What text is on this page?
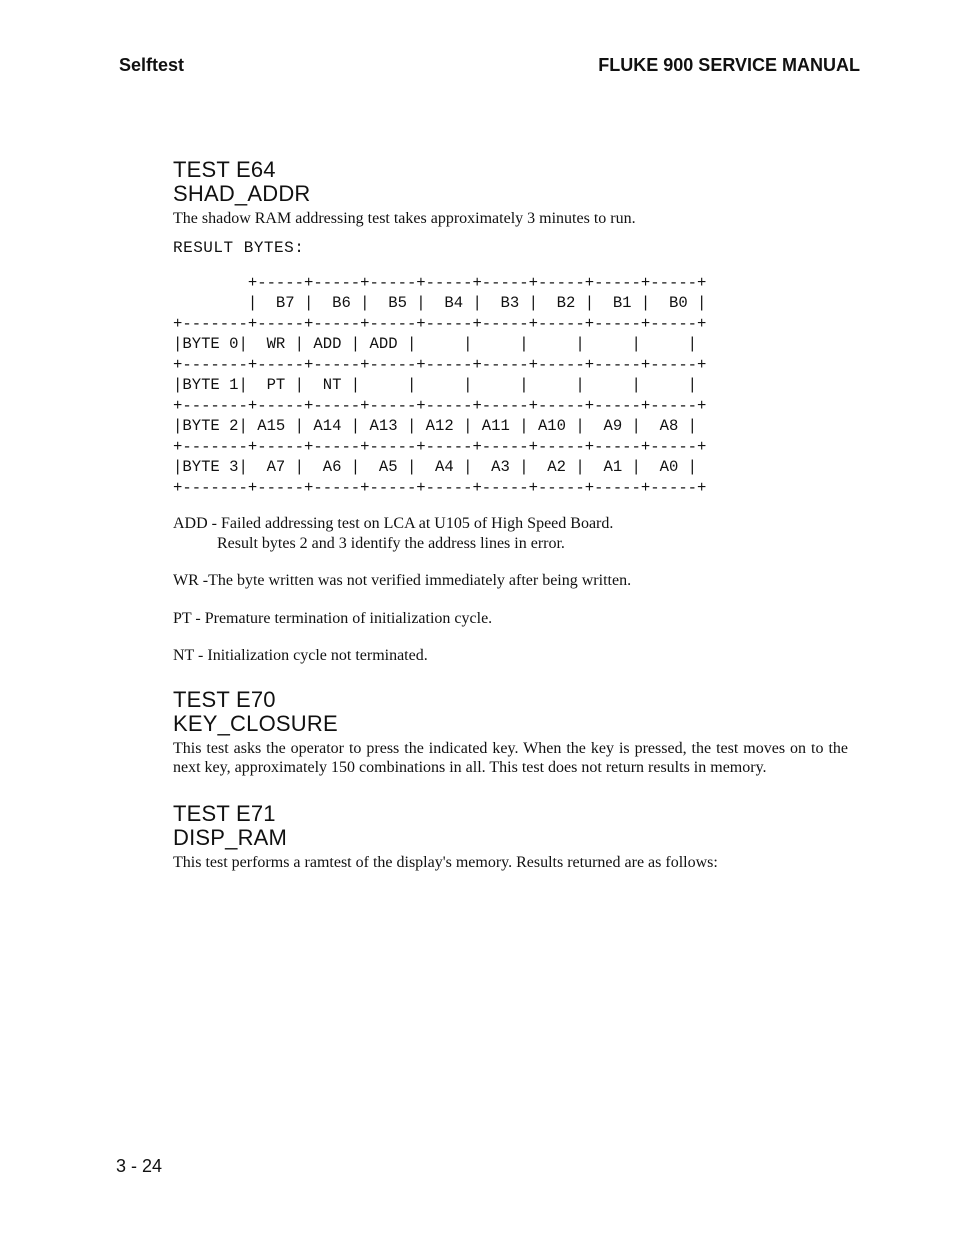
Selftest	FLUKE 900 SERVICE MANUAL
TEST E64
SHAD_ADDR

The shadow RAM addressing test takes approximately 3 minutes to run.

RESULT BYTES:
+-----+-----+-----+-----+-----+-----+-----+-----+
|  B7 |  B6 |  B5 |  B4 |  B3 |  B2 |  B1 |  B0 |
+-------+-----+-----+-----+-----+-----+-----+-----+-----+
|BYTE 0|  WR | ADD | ADD |     |     |     |     |     |
+-------+-----+-----+-----+-----+-----+-----+-----+-----+
|BYTE 1|  PT |  NT |     |     |     |     |     |     |
+-------+-----+-----+-----+-----+-----+-----+-----+-----+
|BYTE 2| A15 | A14 | A13 | A12 | A11 | A10 |  A9 |  A8 |
+-------+-----+-----+-----+-----+-----+-----+-----+-----+
|BYTE 3|  A7 |  A6 |  A5 |  A4 |  A3 |  A2 |  A1 |  A0 |
+-------+-----+-----+-----+-----+-----+-----+-----+-----+
ADD - Failed addressing test on LCA at U105 of High Speed Board.
Result bytes 2 and 3 identify the address lines in error.
WR -The byte written was not verified immediately after being written.
PT - Premature termination of initialization cycle.
NT - Initialization cycle not terminated.
TEST E70
KEY_CLOSURE

This test asks the operator to press the indicated key. When the key is pressed, the test moves on to the next key, approximately 150 combinations in all. This test does not return results in memory.

TEST E71
DISP_RAM

This test performs a ramtest of the display's memory. Results returned are as follows:

3 - 24
